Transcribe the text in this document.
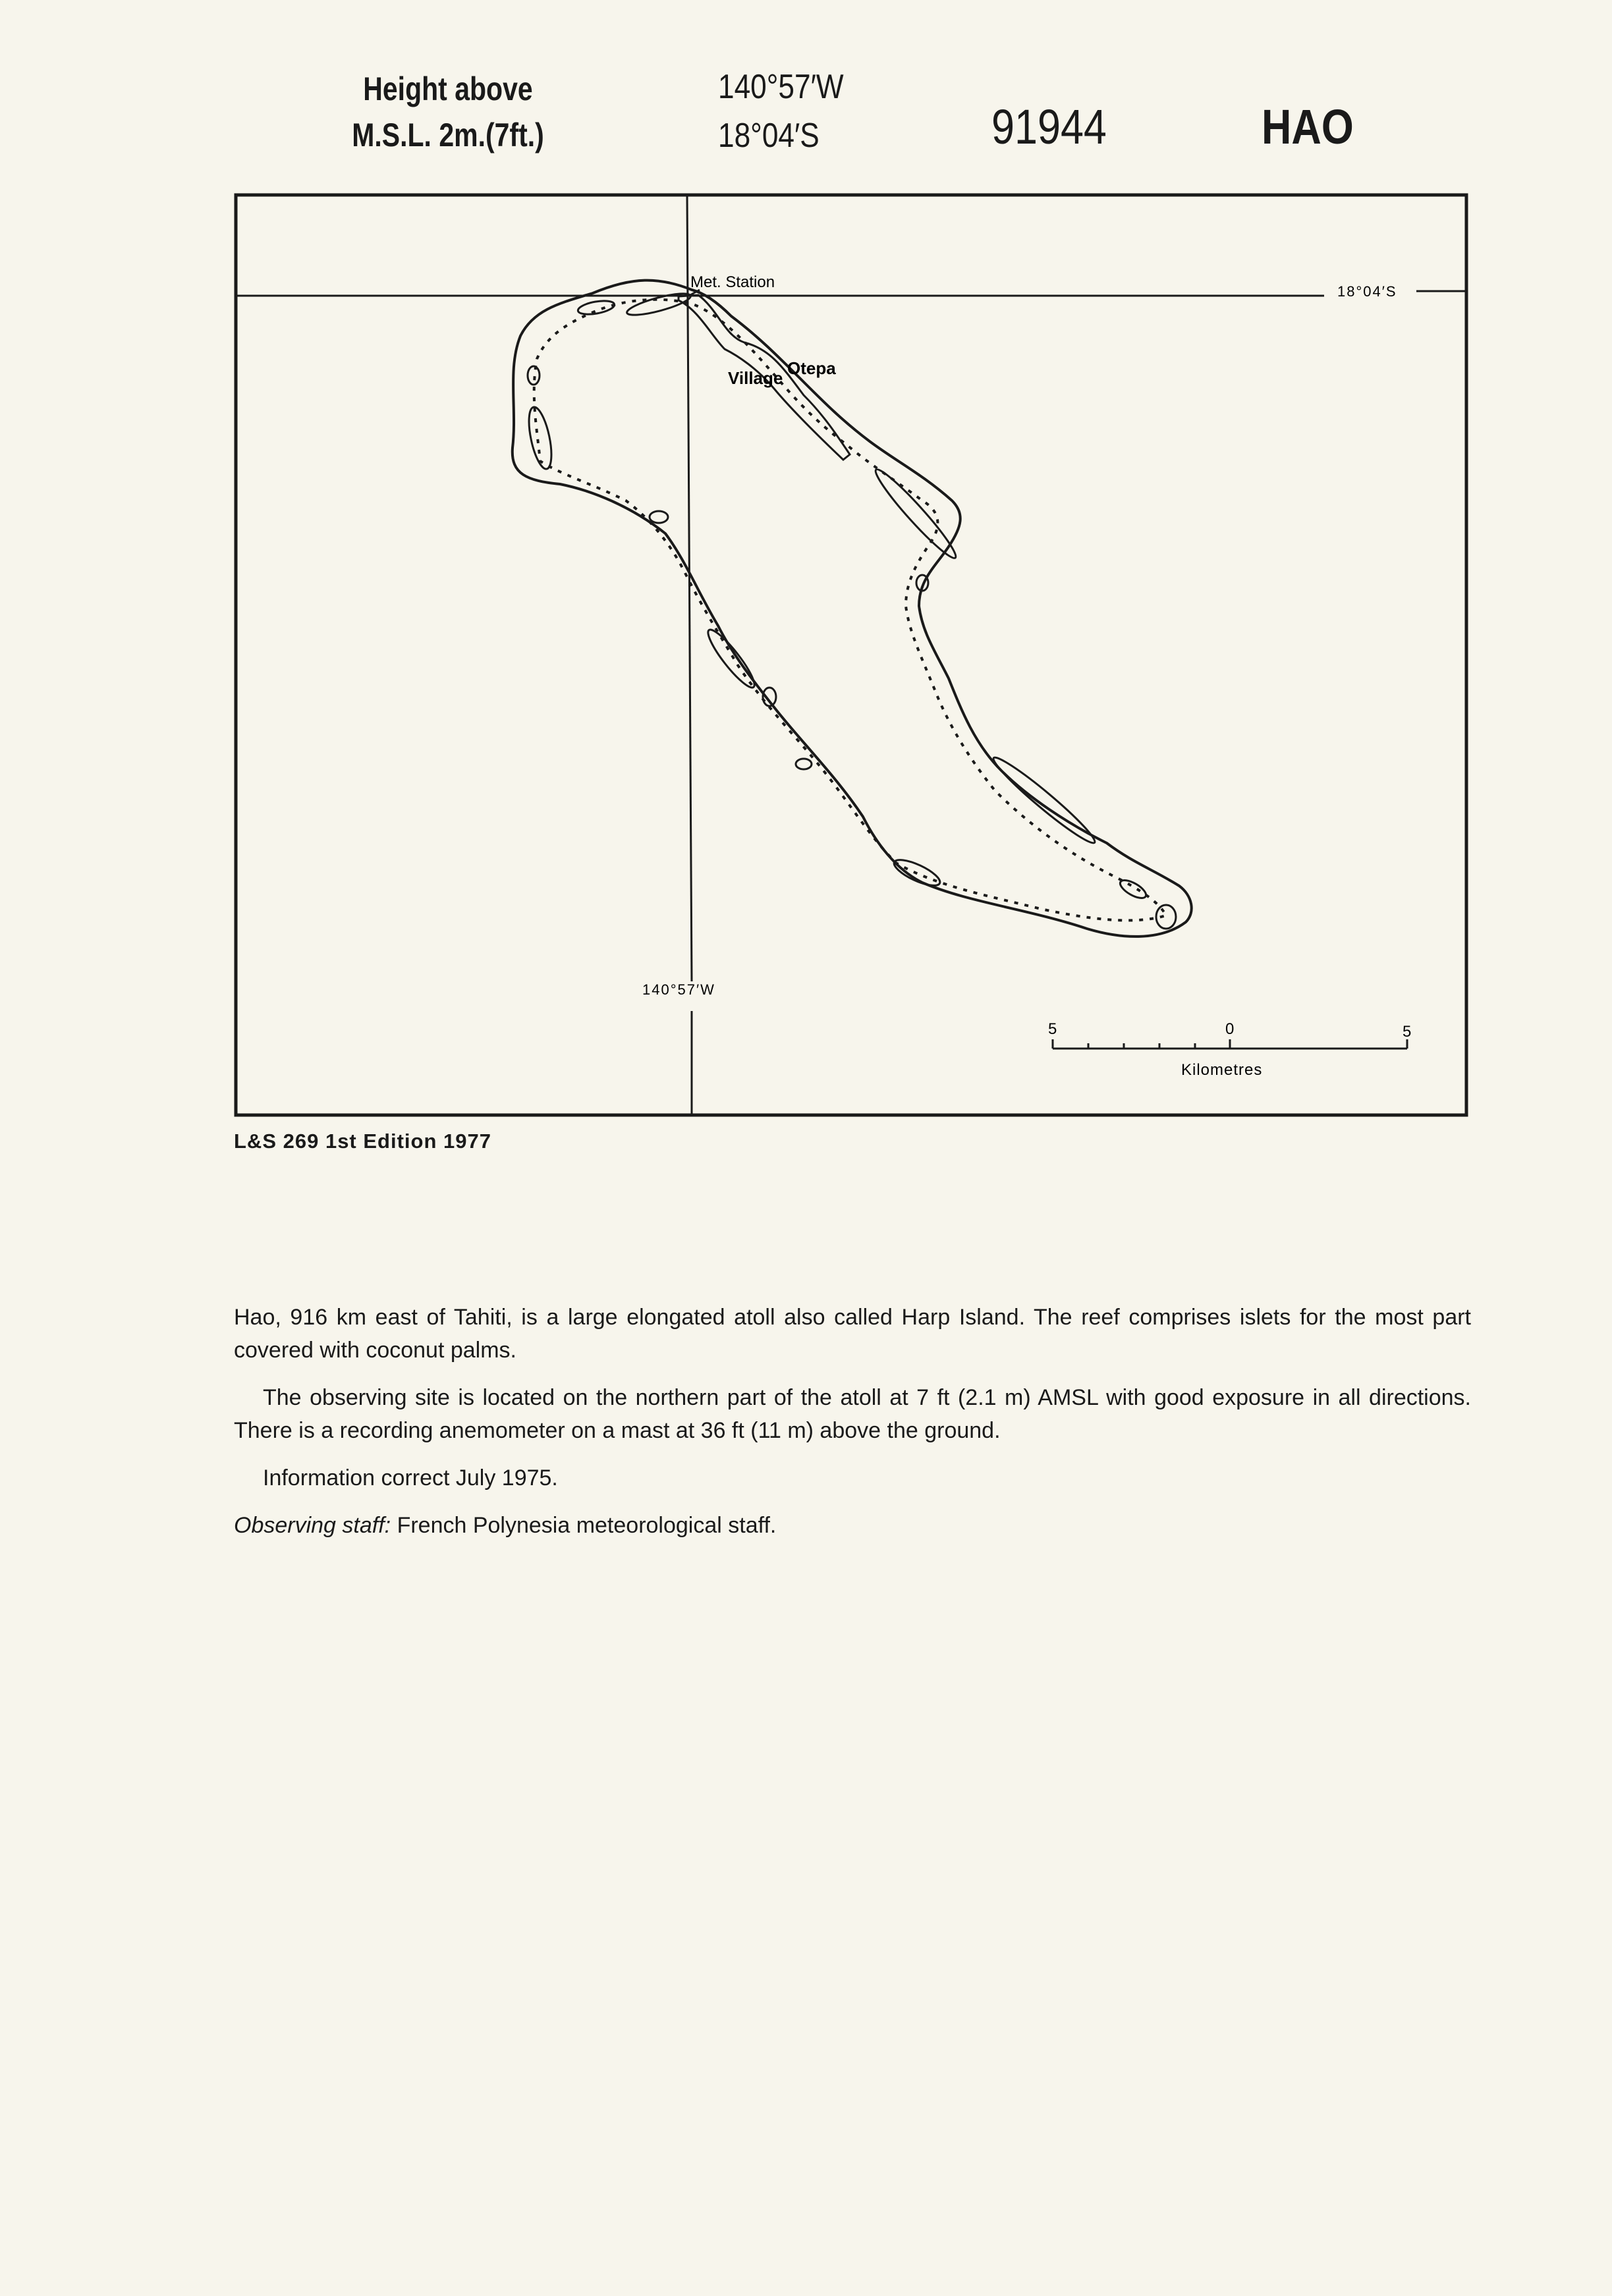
Height above
M.S.L. 2m.(7ft.)
140°57′W
18°04′S	91944	HAO
Met. Station
Otepa
Village
18°04′S
140°57′W
5	0	5
Kilometres
L&S 269 1st Edition 1977

Hao, 916 km east of Tahiti, is a large elongated atoll also called Harp Island. The reef comprises islets for the most part covered with coconut palms.

The observing site is located on the northern part of the atoll at 7 ft (2.1 m) AMSL with good exposure in all directions. There is a recording anemometer on a mast at 36 ft (11 m) above the ground.

Information correct July 1975.

Observing staff: French Polynesia meteorological staff.
